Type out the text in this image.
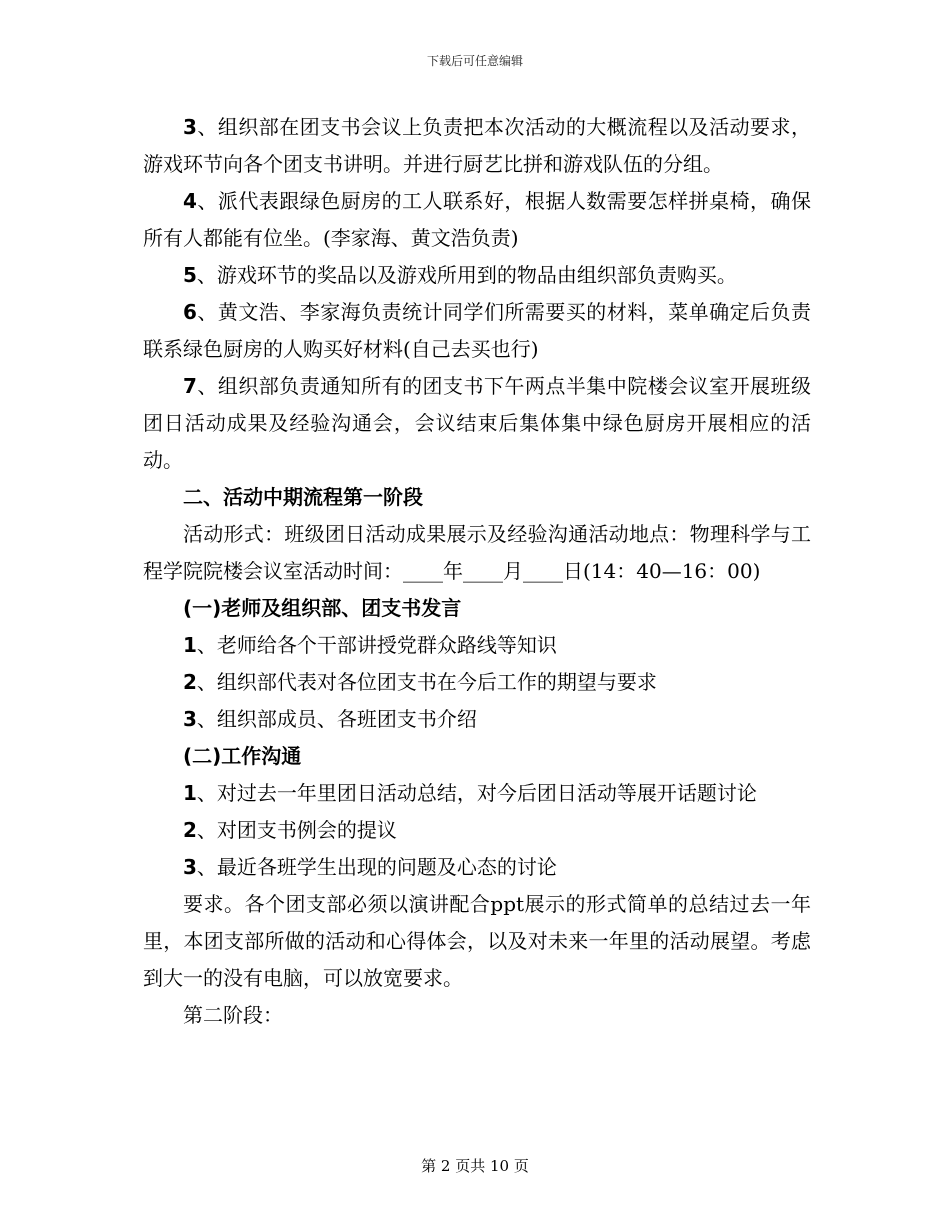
下载后可任意编辑

3、组织部在团支书会议上负责把本次活动的大概流程以及活动要求，游戏环节向各个团支书讲明。并进行厨艺比拼和游戏队伍的分组。

4、派代表跟绿色厨房的工人联系好，根据人数需要怎样拼桌椅，确保所有人都能有位坐。(李家海、黄文浩负责)

5、游戏环节的奖品以及游戏所用到的物品由组织部负责购买。

6、黄文浩、李家海负责统计同学们所需要买的材料，菜单确定后负责联系绿色厨房的人购买好材料(自己去买也行)

7、组织部负责通知所有的团支书下午两点半集中院楼会议室开展班级团日活动成果及经验沟通会，会议结束后集体集中绿色厨房开展相应的活动。

二、活动中期流程第一阶段

活动形式：班级团日活动成果展示及经验沟通活动地点：物理科学与工程学院院楼会议室活动时间：____年____月____日(14：40—16：00)

(一)老师及组织部、团支书发言

1、老师给各个干部讲授党群众路线等知识

2、组织部代表对各位团支书在今后工作的期望与要求

3、组织部成员、各班团支书介绍

(二)工作沟通

1、对过去一年里团日活动总结，对今后团日活动等展开话题讨论

2、对团支书例会的提议

3、最近各班学生出现的问题及心态的讨论

要求。各个团支部必须以演讲配合ppt展示的形式简单的总结过去一年里，本团支部所做的活动和心得体会，以及对未来一年里的活动展望。考虑到大一的没有电脑，可以放宽要求。

第二阶段：

第 2 页共 10 页
